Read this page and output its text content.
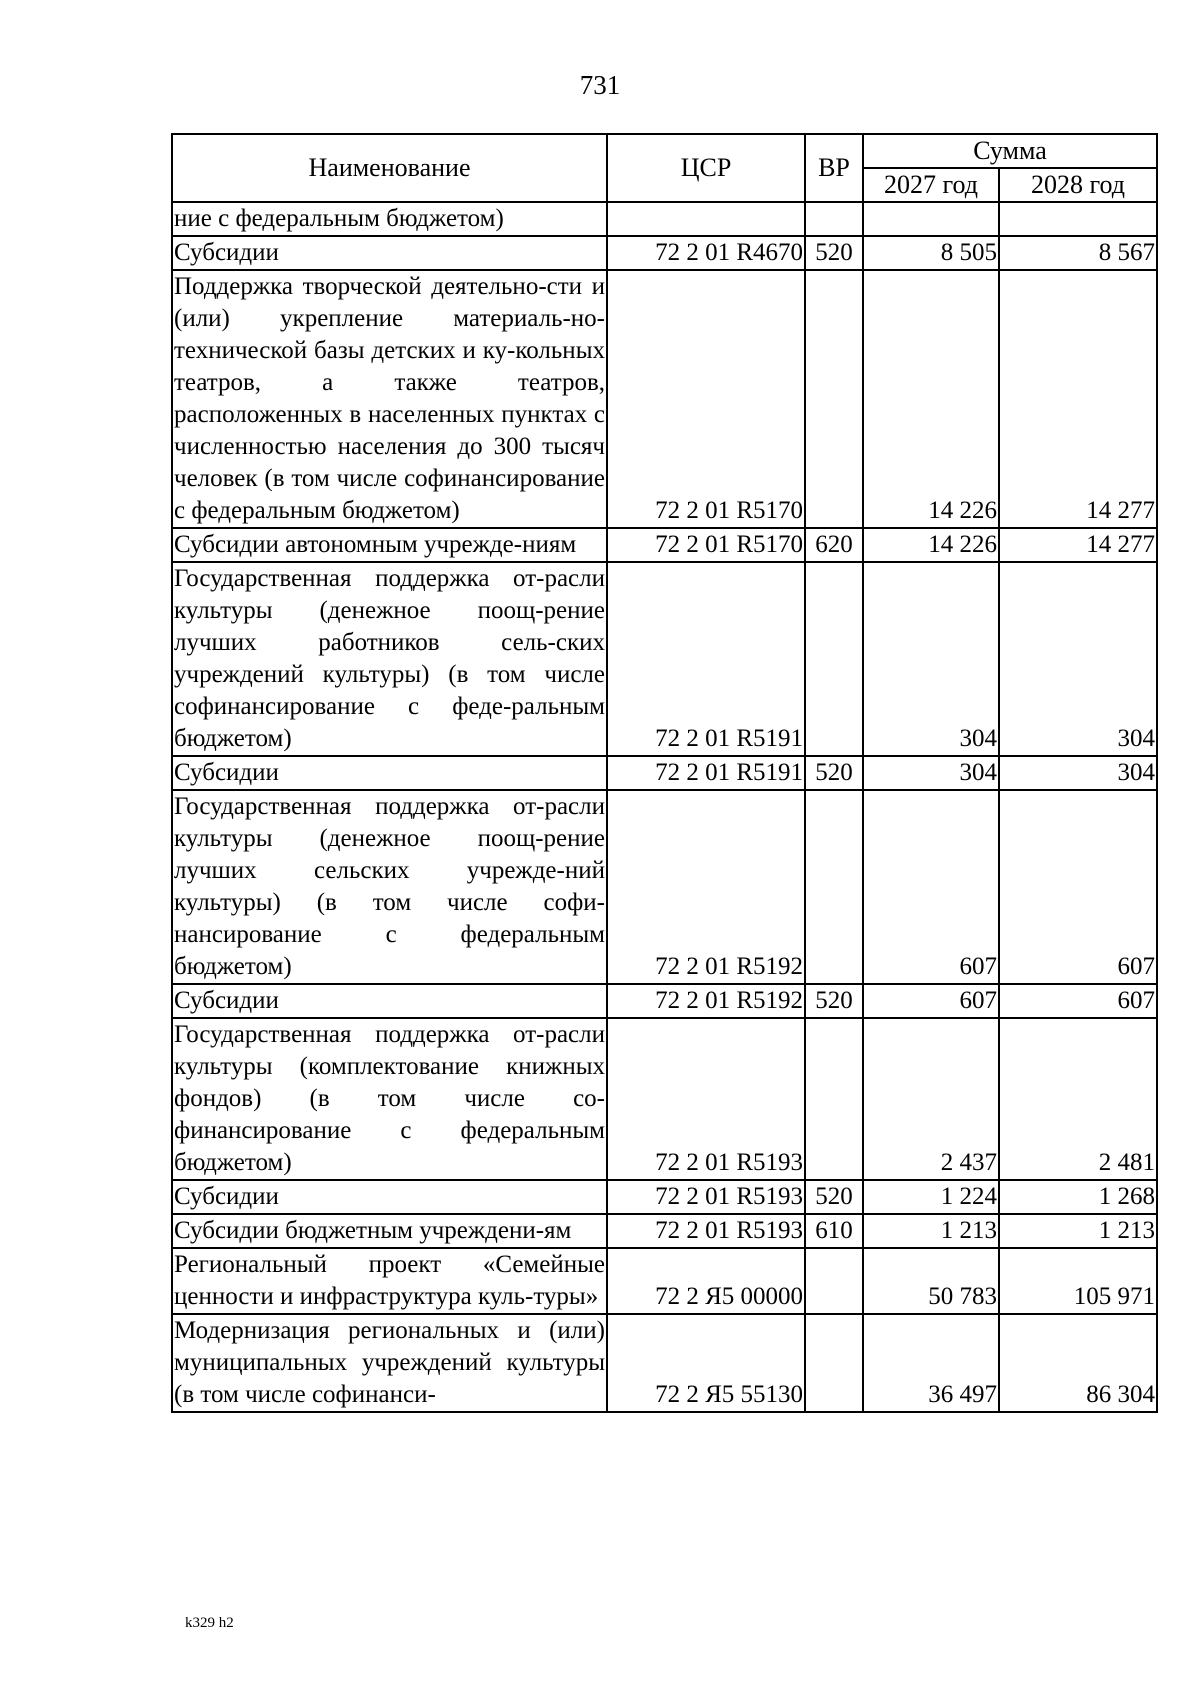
731
Наименование	ЦСР	ВР	Сумма	
			2027 год	2028 год
ние с федеральным бюджетом)				
Субсидии	72 2 01 R4670	520	8 505	8 567
Поддержка творческой деятельно-сти и (или) укрепление материаль-но-технической базы детских и ку-кольных театров, а также театров, расположенных в населенных пунктах с численностью населения до 300 тысяч человек (в том числе софинансирование с федеральным бюджетом)	72 2 01 R5170		14 226	14 277
Субсидии автономным учрежде-ниям	72 2 01 R5170	620	14 226	14 277
Государственная поддержка от-расли культуры (денежное поощ-рение лучших работников сель-ских учреждений культуры) (в том числе софинансирование с феде-ральным бюджетом)	72 2 01 R5191		304	304
Субсидии	72 2 01 R5191	520	304	304
Государственная поддержка от-расли культуры (денежное поощ-рение лучших сельских учрежде-ний культуры) (в том числе софи-нансирование с федеральным бюджетом)	72 2 01 R5192		607	607
Субсидии	72 2 01 R5192	520	607	607
Государственная поддержка от-расли культуры (комплектование книжных фондов) (в том числе со-финансирование с федеральным бюджетом)	72 2 01 R5193		2 437	2 481
Субсидии	72 2 01 R5193	520	1 224	1 268
Субсидии бюджетным учреждени-ям	72 2 01 R5193	610	1 213	1 213
Региональный проект «Семейные ценности и инфраструктура куль-туры»	72 2 Я5 00000		50 783	105 971
Модернизация региональных и (или) муниципальных учреждений культуры (в том числе софинанси-	72 2 Я5 55130		36 497	86 304
k329 h2
